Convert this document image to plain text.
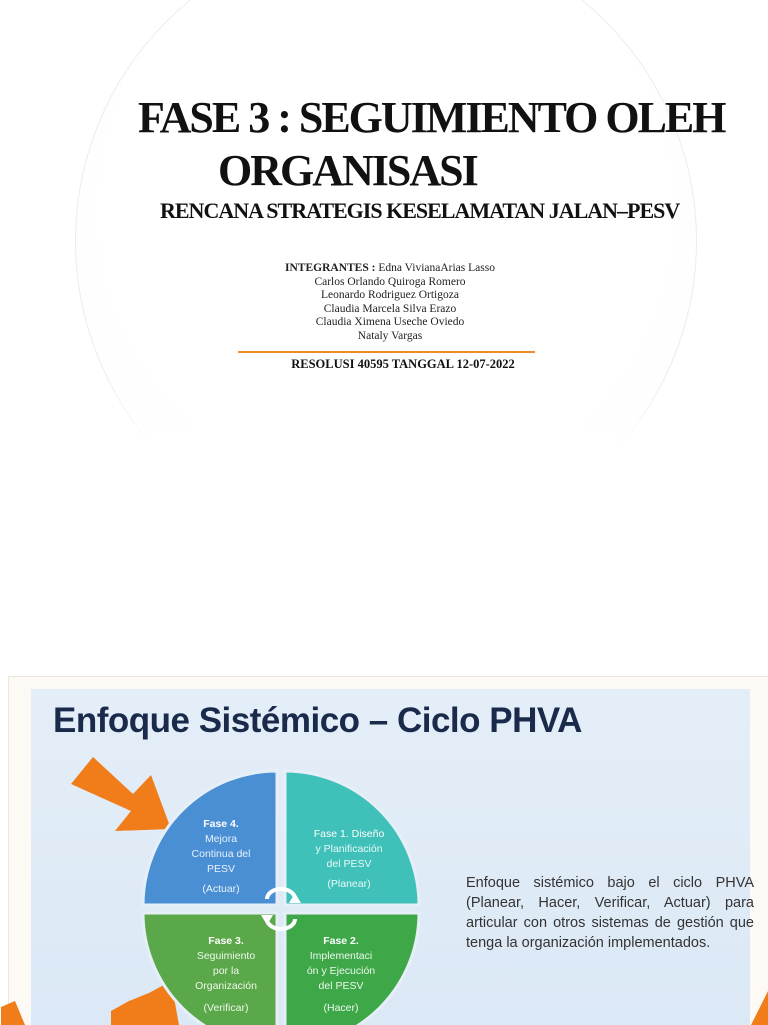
FASE 3 : SEGUIMIENTO OLEH
ORGANISASI
RENCANA STRATEGIS KESELAMATAN JALAN–PESV
INTEGRANTES : Edna VivianaArias Lasso
Carlos Orlando Quiroga Romero
Leonardo Rodriguez Ortigoza
Claudia Marcela Silva Erazo
Claudia Ximena Useche Oviedo
Nataly Vargas
RESOLUSI 40595 TANGGAL 12-07-2022
Enfoque Sistémico – Ciclo PHVA
Fase 4.
Mejora
Continua del
PESV
(Actuar)
Fase 1. Diseño
y Planificación
del PESV
(Planear)
Fase 3.
Seguimiento
por la
Organización
(Verificar)
Fase 2.
Implementaci
ón y Ejecución
del PESV
(Hacer)

Enfoque sistémico bajo el ciclo PHVA (Planear, Hacer, Verificar, Actuar) para articular con otros sistemas de gestión que tenga la organización implementados.
